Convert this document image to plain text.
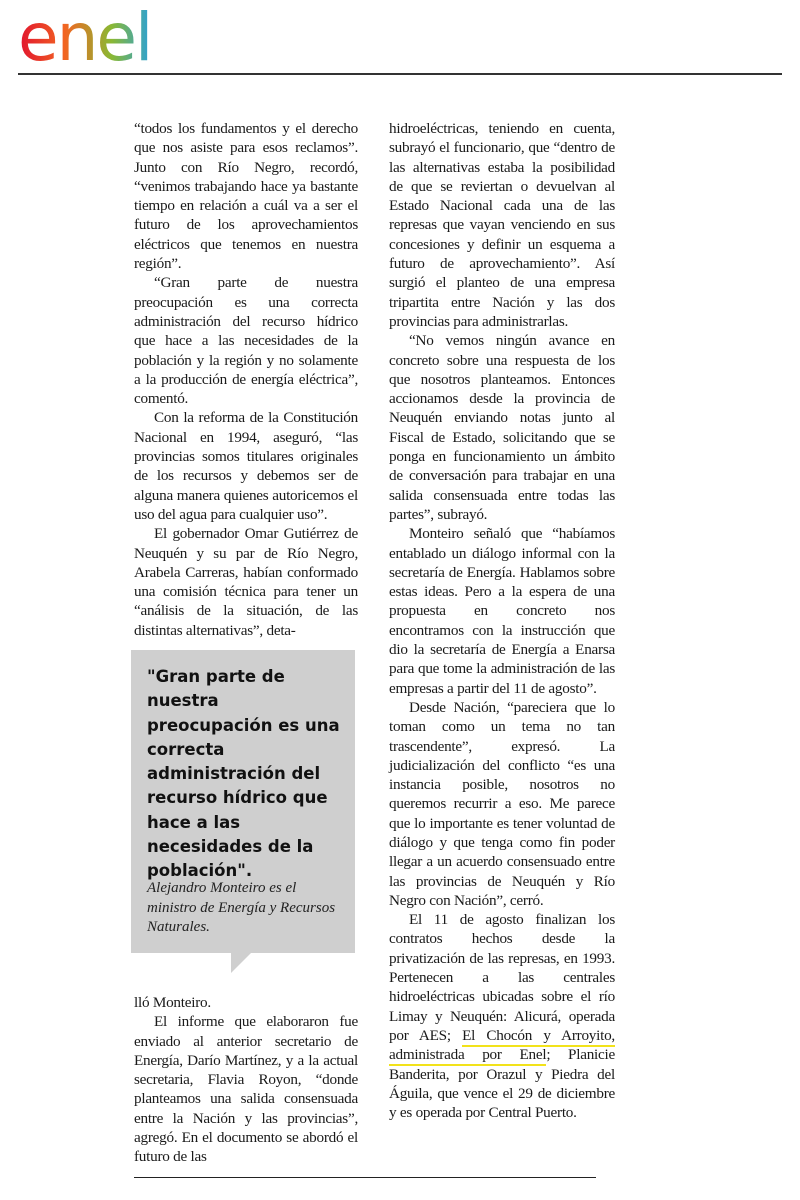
enel

“todos los fundamentos y el derecho que nos asiste para esos reclamos”. Junto con Río Negro, recordó, “venimos trabajando hace ya bastante tiempo en relación a cuál va a ser el futuro de los aprovechamientos eléctricos que tenemos en nuestra región”.

“Gran parte de nuestra preocupación es una correcta administración del recurso hídrico que hace a las necesidades de la población y la región y no solamente a la producción de energía eléctrica”, comentó.

Con la reforma de la Constitución Nacional en 1994, aseguró, “las provincias somos titulares originales de los recursos y debemos ser de alguna manera quienes autoricemos el uso del agua para cualquier uso”.

El gobernador Omar Gutiérrez de Neuquén y su par de Río Negro, Arabela Carreras, habían conformado una comisión técnica para tener un “análisis de la situación, de las distintas alternativas”, deta-

"Gran parte de nuestra preocupación es una correcta administración del recurso hídrico que hace a las necesidades de la población".
Alejandro Monteiro es el ministro de Energía y Recursos Naturales.

lló Monteiro.

El informe que elaboraron fue enviado al anterior secretario de Energía, Darío Martínez, y a la actual secretaria, Flavia Royon, “donde planteamos una salida consensuada entre la Nación y las provincias”, agregó. En el documento se abordó el futuro de las

hidroeléctricas, teniendo en cuenta, subrayó el funcionario, que “dentro de las alternativas estaba la posibilidad de que se reviertan o devuelvan al Estado Nacional cada una de las represas que vayan venciendo en sus concesiones y definir un esquema a futuro de aprovechamiento”. Así surgió el planteo de una empresa tripartita entre Nación y las dos provincias para administrarlas.

“No vemos ningún avance en concreto sobre una respuesta de los que nosotros planteamos. Entonces accionamos desde la provincia de Neuquén enviando notas junto al Fiscal de Estado, solicitando que se ponga en funcionamiento un ámbito de conversación para trabajar en una salida consensuada entre todas las partes”, subrayó.

Monteiro señaló que “habíamos entablado un diálogo informal con la secretaría de Energía. Hablamos sobre estas ideas. Pero a la espera de una propuesta en concreto nos encontramos con la instrucción que dio la secretaría de Energía a Enarsa para que tome la administración de las empresas a partir del 11 de agosto”.

Desde Nación, “pareciera que lo toman como un tema no tan trascendente”, expresó. La judicialización del conflicto “es una instancia posible, nosotros no queremos recurrir a eso. Me parece que lo importante es tener voluntad de diálogo y que tenga como fin poder llegar a un acuerdo consensuado entre las provincias de Neuquén y Río Negro con Nación”, cerró.

El 11 de agosto finalizan los contratos hechos desde la privatización de las represas, en 1993. Pertenecen a las centrales hidroeléctricas ubicadas sobre el río Limay y Neuquén: Alicurá, operada por AES; El Chocón y Arroyito, administrada por Enel; Planicie Banderita, por Orazul y Piedra del Águila, que vence el 29 de diciembre y es operada por Central Puerto.
